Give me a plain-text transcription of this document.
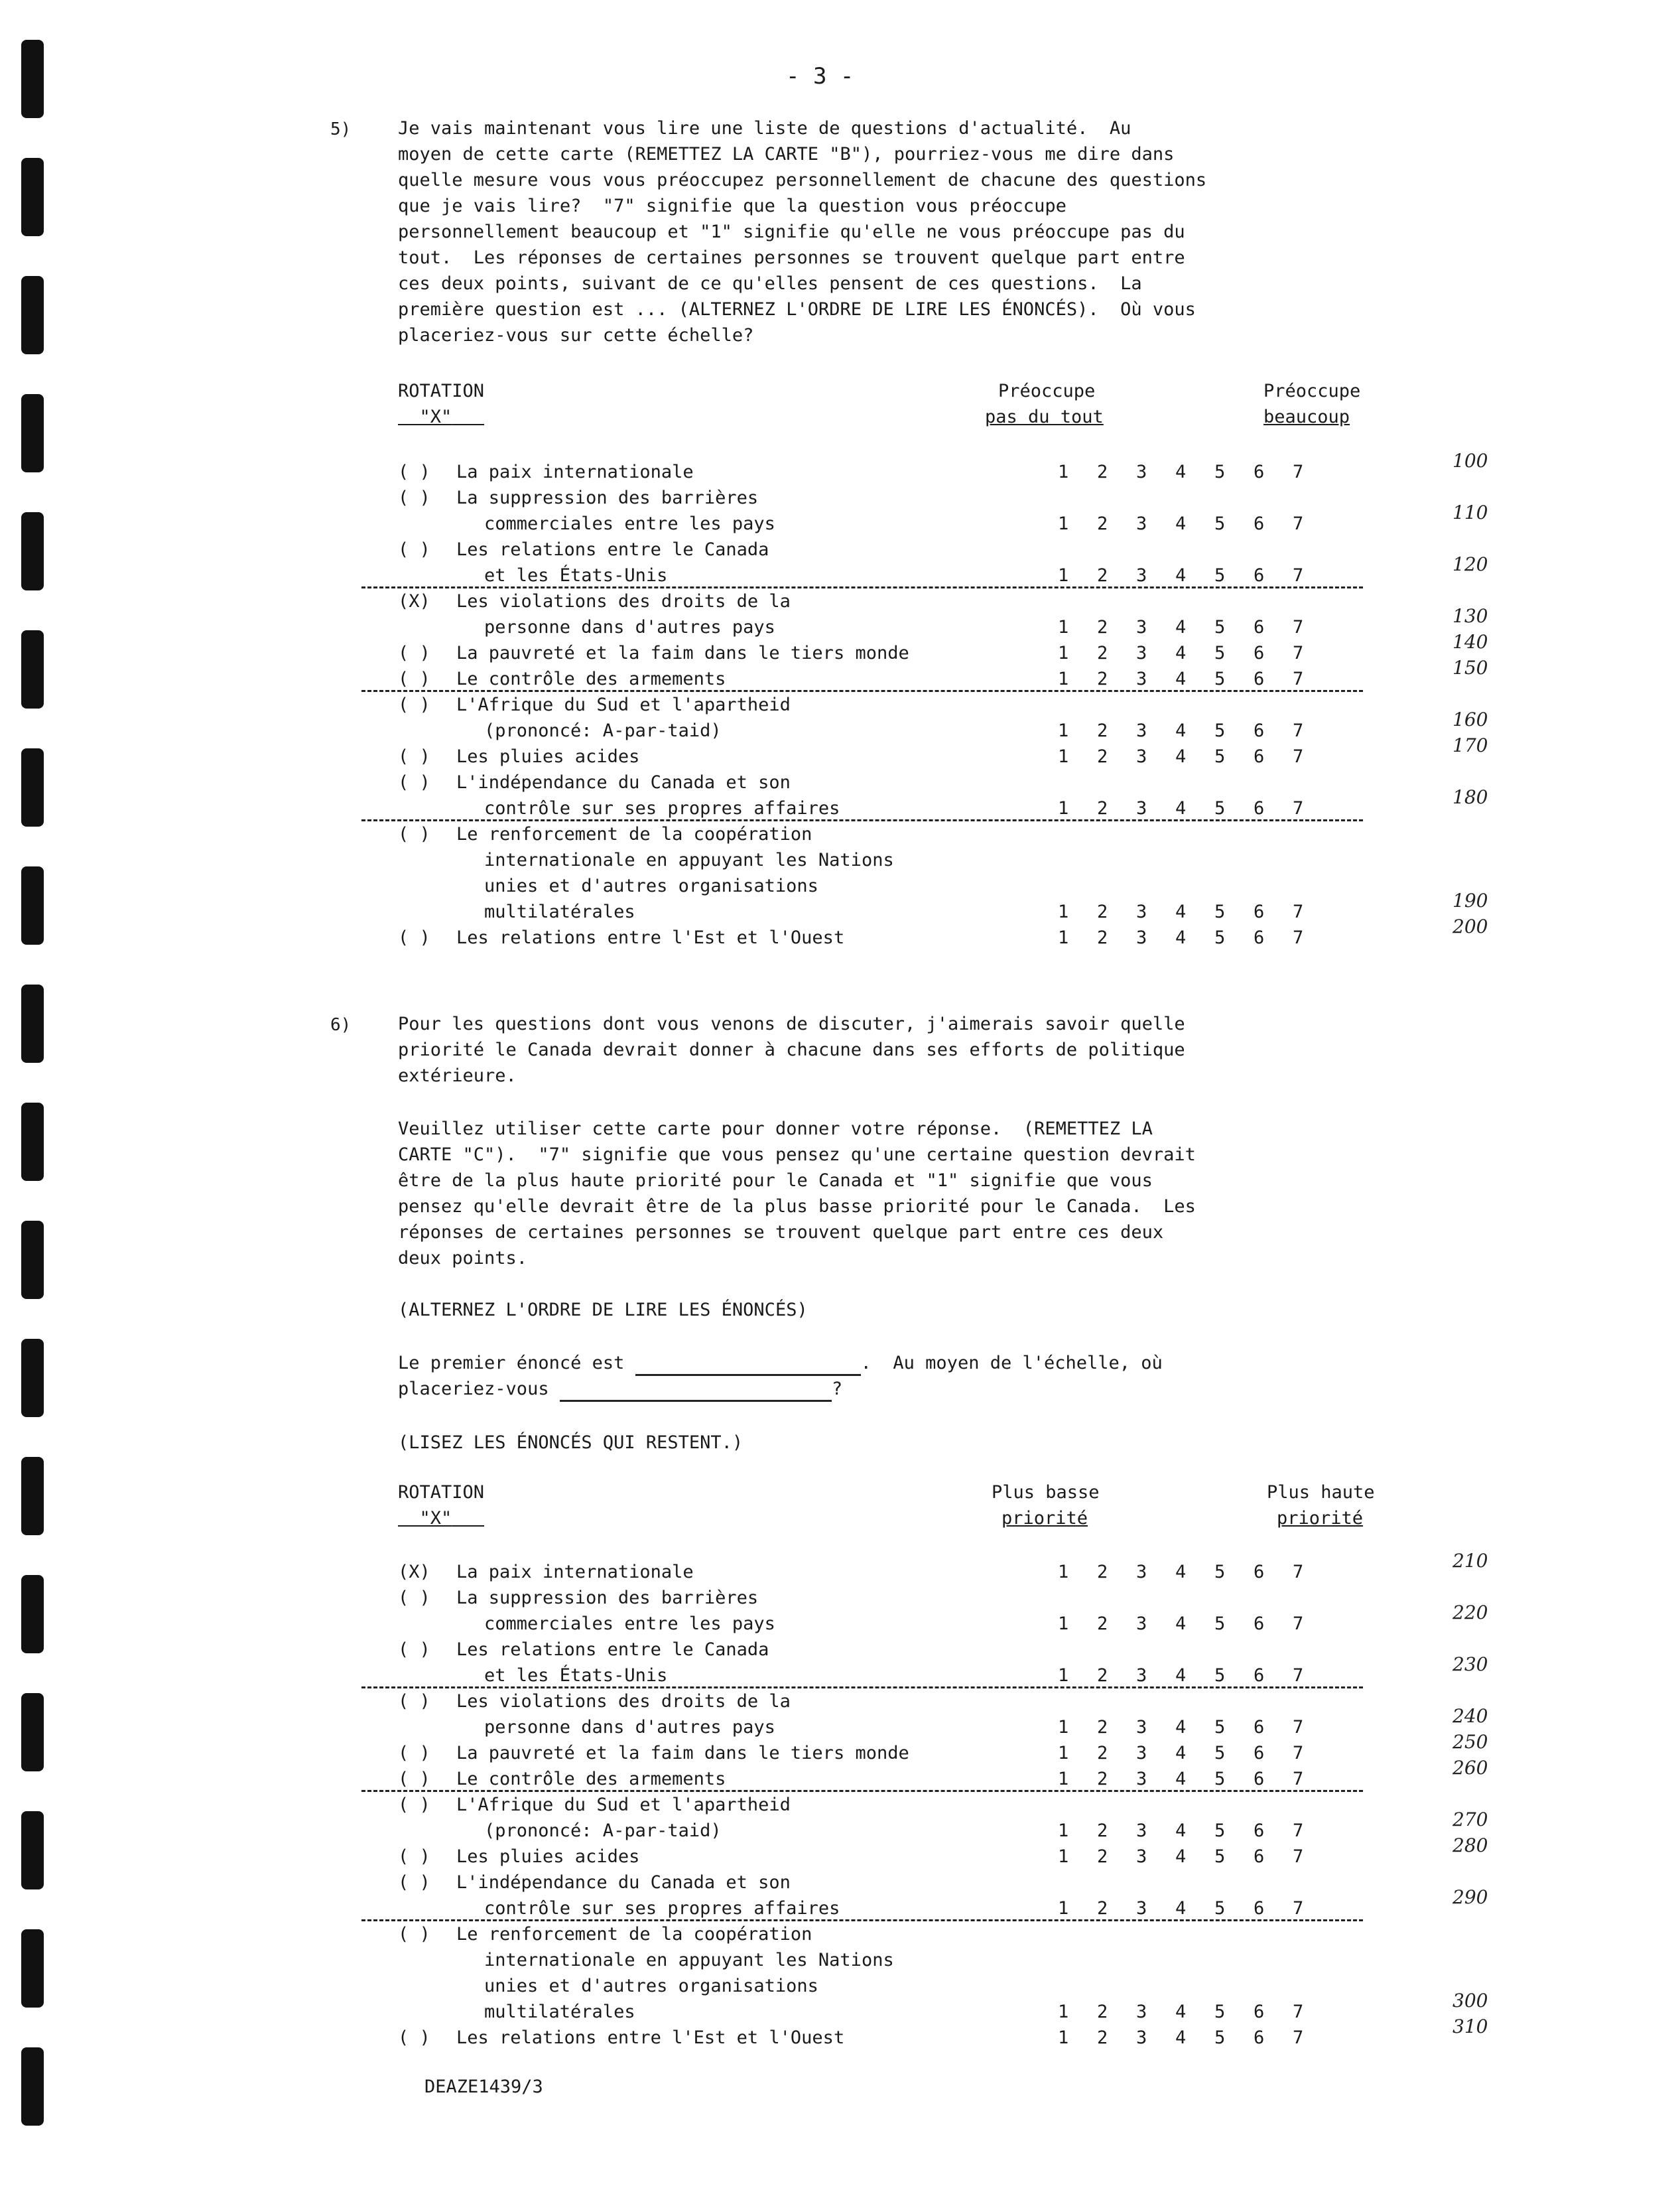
- 3 -
5)	Je vais maintenant vous lire une liste de questions d'actualité.  Au

moyen de cette carte (REMETTEZ LA CARTE "B"), pourriez-vous me dire dans

quelle mesure vous vous préoccupez personnellement de chacune des questions

que je vais lire?  "7" signifie que la question vous préoccupe

personnellement beaucoup et "1" signifie qu'elle ne vous préoccupe pas du

tout.  Les réponses de certaines personnes se trouvent quelque part entre

ces deux points, suivant de ce qu'elles pensent de ces questions.  La

première question est ... (ALTERNEZ L'ORDRE DE LIRE LES ÉNONCÉS).  Où vous

placeriez-vous sur cette échelle?

ROTATION
"X"
Préoccupe
pas du tout
Préoccupe
beaucoup
( ) La paix internationale	1 2 3 4 5 6 7
100
( ) La suppression des barrières
commerciales entre les pays	1 2 3 4 5 6 7
110
( ) Les relations entre le Canada
et les États-Unis	1 2 3 4 5 6 7
120
(X) Les violations des droits de la
personne dans d'autres pays	1 2 3 4 5 6 7
130
( ) La pauvreté et la faim dans le tiers monde	1 2 3 4 5 6 7
140
( ) Le contrôle des armements	1 2 3 4 5 6 7
150
( ) L'Afrique du Sud et l'apartheid
(prononcé: A-par-taid)	1 2 3 4 5 6 7
160
( ) Les pluies acides	1 2 3 4 5 6 7
170
( ) L'indépendance du Canada et son
contrôle sur ses propres affaires	1 2 3 4 5 6 7
180
( ) Le renforcement de la coopération
internationale en appuyant les Nations
unies et d'autres organisations
multilatérales	1 2 3 4 5 6 7
190
( ) Les relations entre l'Est et l'Ouest	1 2 3 4 5 6 7
200
6)	Pour les questions dont vous venons de discuter, j'aimerais savoir quelle

priorité le Canada devrait donner à chacune dans ses efforts de politique

extérieure.

Veuillez utiliser cette carte pour donner votre réponse.  (REMETTEZ LA

CARTE "C").  "7" signifie que vous pensez qu'une certaine question devrait

être de la plus haute priorité pour le Canada et "1" signifie que vous

pensez qu'elle devrait être de la plus basse priorité pour le Canada.  Les

réponses de certaines personnes se trouvent quelque part entre ces deux

deux points.

(ALTERNEZ L'ORDRE DE LIRE LES ÉNONCÉS)
Le premier énoncé est	.  Au moyen de l'échelle, où
placeriez-vous	?
(LISEZ LES ÉNONCÉS QUI RESTENT.)
ROTATION
"X"
Plus basse
priorité
Plus haute
priorité
(X) La paix internationale	1 2 3 4 5 6 7
210
( ) La suppression des barrières
commerciales entre les pays	1 2 3 4 5 6 7
220
( ) Les relations entre le Canada
et les États-Unis	1 2 3 4 5 6 7
230
( ) Les violations des droits de la
personne dans d'autres pays	1 2 3 4 5 6 7
240
( ) La pauvreté et la faim dans le tiers monde	1 2 3 4 5 6 7
250
( ) Le contrôle des armements	1 2 3 4 5 6 7
260
( ) L'Afrique du Sud et l'apartheid
(prononcé: A-par-taid)	1 2 3 4 5 6 7
270
( ) Les pluies acides	1 2 3 4 5 6 7
280
( ) L'indépendance du Canada et son
contrôle sur ses propres affaires	1 2 3 4 5 6 7
290
( ) Le renforcement de la coopération
internationale en appuyant les Nations
unies et d'autres organisations
multilatérales	1 2 3 4 5 6 7
300
( ) Les relations entre l'Est et l'Ouest	1 2 3 4 5 6 7
310
DEAZE1439/3
